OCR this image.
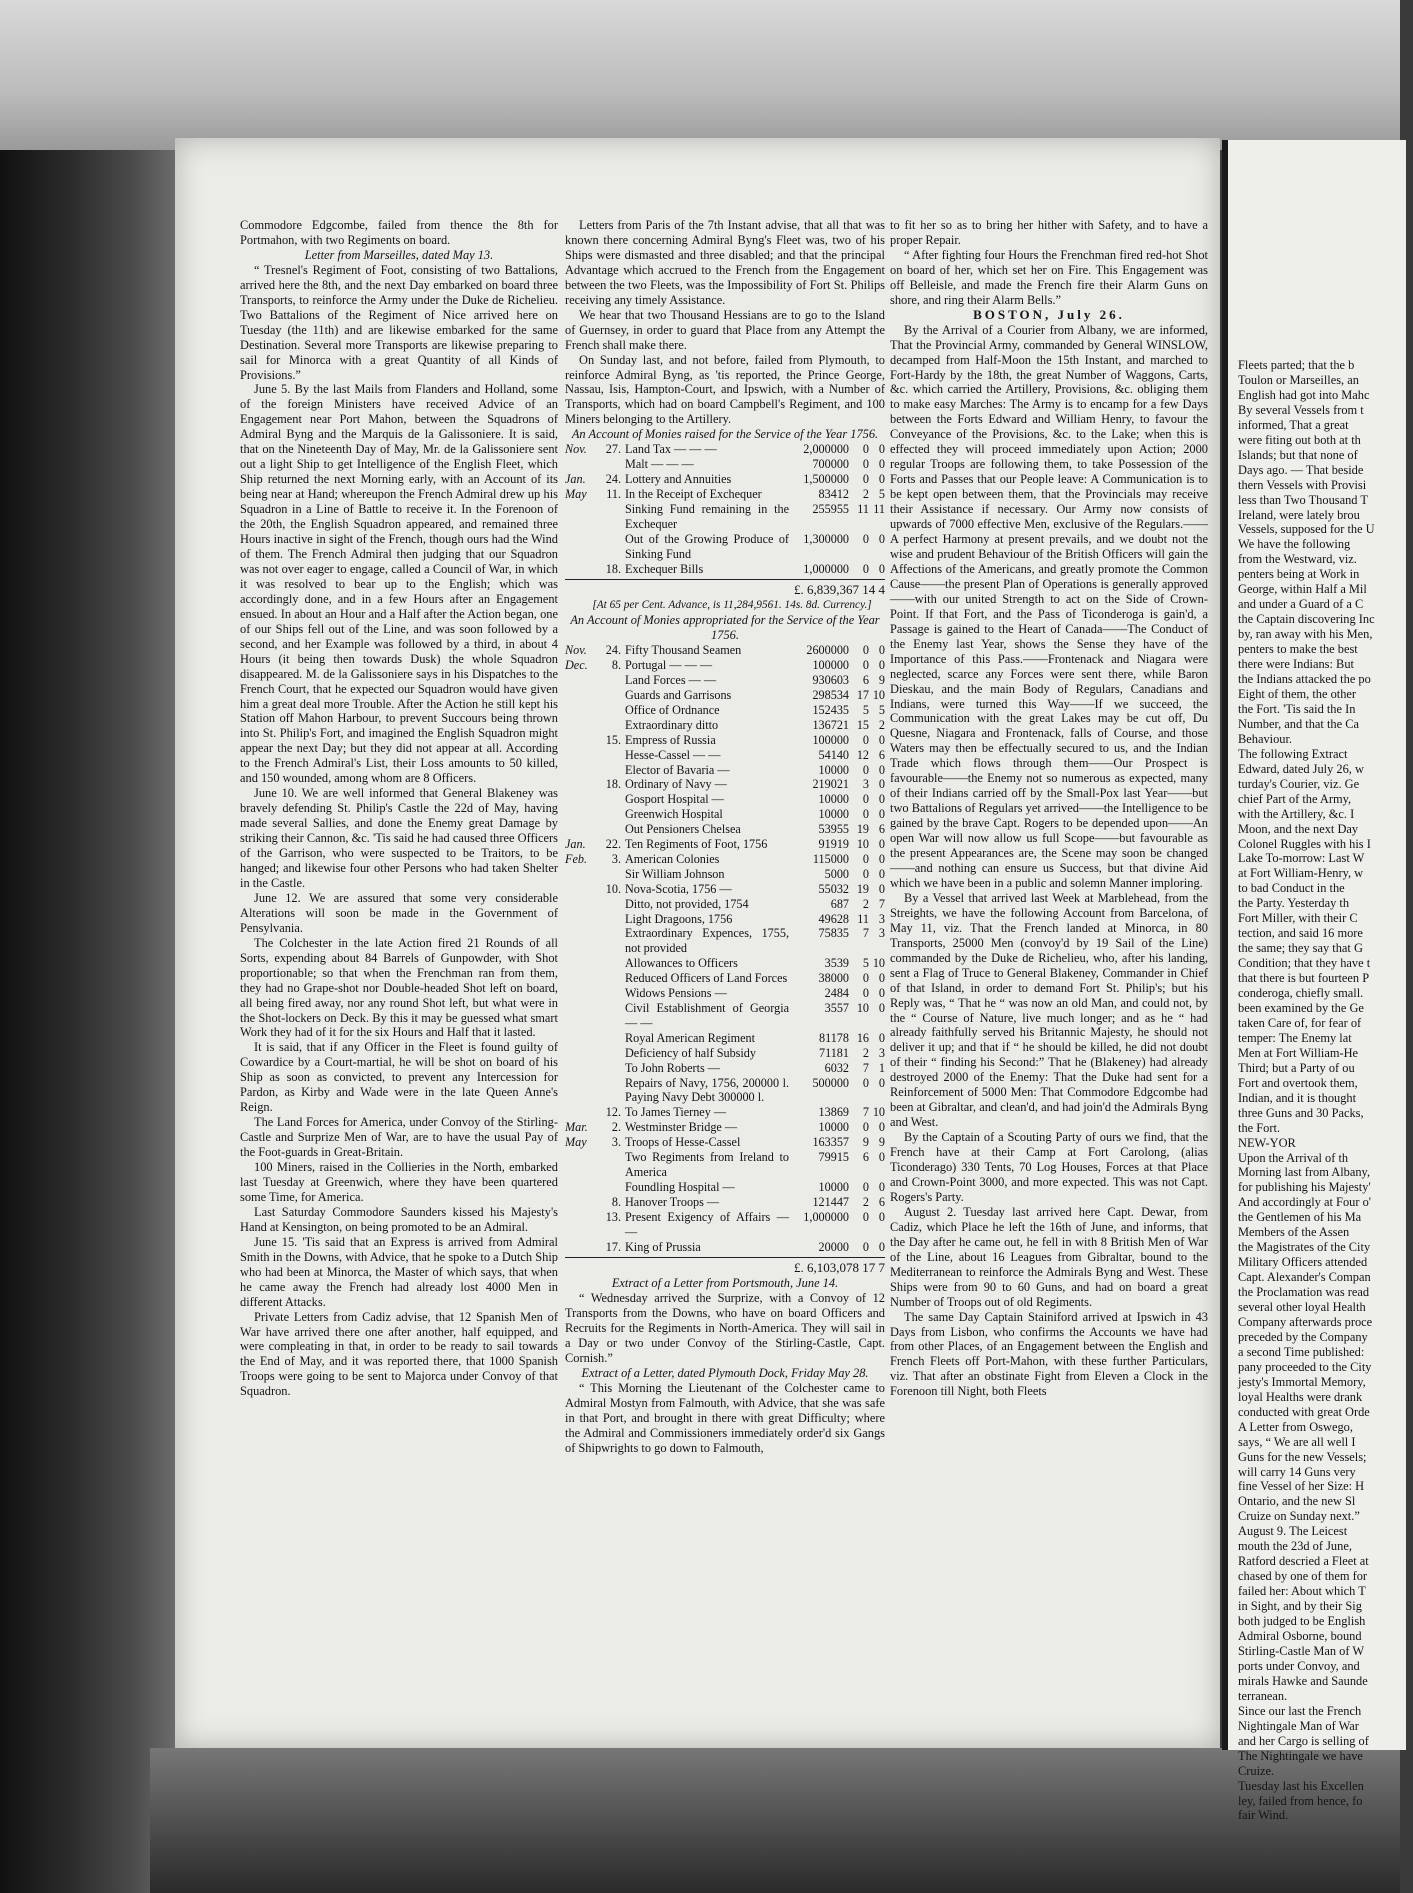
Commodore Edgcombe, failed from thence the 8th for Portmahon, with two Regiments on board.

Letter from Marseilles, dated May 13.

“ Tresnel's Regiment of Foot, consisting of two Battalions, arrived here the 8th, and the next Day embarked on board three Transports, to reinforce the Army under the Duke de Richelieu. Two Battalions of the Regiment of Nice arrived here on Tuesday (the 11th) and are likewise embarked for the same Destination. Several more Transports are likewise preparing to sail for Minorca with a great Quantity of all Kinds of Provisions.”

June 5. By the last Mails from Flanders and Holland, some of the foreign Ministers have received Advice of an Engagement near Port Mahon, between the Squadrons of Admiral Byng and the Marquis de la Galissoniere. It is said, that on the Nineteenth Day of May, Mr. de la Galissoniere sent out a light Ship to get Intelligence of the English Fleet, which Ship returned the next Morning early, with an Account of its being near at Hand; whereupon the French Admiral drew up his Squadron in a Line of Battle to receive it. In the Forenoon of the 20th, the English Squadron appeared, and remained three Hours inactive in sight of the French, though ours had the Wind of them. The French Admiral then judging that our Squadron was not over eager to engage, called a Council of War, in which it was resolved to bear up to the English; which was accordingly done, and in a few Hours after an Engagement ensued. In about an Hour and a Half after the Action began, one of our Ships fell out of the Line, and was soon followed by a second, and her Example was followed by a third, in about 4 Hours (it being then towards Dusk) the whole Squadron disappeared. M. de la Galissoniere says in his Dispatches to the French Court, that he expected our Squadron would have given him a great deal more Trouble. After the Action he still kept his Station off Mahon Harbour, to prevent Succours being thrown into St. Philip's Fort, and imagined the English Squadron might appear the next Day; but they did not appear at all. According to the French Admiral's List, their Loss amounts to 50 killed, and 150 wounded, among whom are 8 Officers.

June 10. We are well informed that General Blakeney was bravely defending St. Philip's Castle the 22d of May, having made several Sallies, and done the Enemy great Damage by striking their Cannon, &c. 'Tis said he had caused three Officers of the Garrison, who were suspected to be Traitors, to be hanged; and likewise four other Persons who had taken Shelter in the Castle.

June 12. We are assured that some very considerable Alterations will soon be made in the Government of Pensylvania.

The Colchester in the late Action fired 21 Rounds of all Sorts, expending about 84 Barrels of Gunpowder, with Shot proportionable; so that when the Frenchman ran from them, they had no Grape-shot nor Double-headed Shot left on board, all being fired away, nor any round Shot left, but what were in the Shot-lockers on Deck. By this it may be guessed what smart Work they had of it for the six Hours and Half that it lasted.

It is said, that if any Officer in the Fleet is found guilty of Cowardice by a Court-martial, he will be shot on board of his Ship as soon as convicted, to prevent any Intercession for Pardon, as Kirby and Wade were in the late Queen Anne's Reign.

The Land Forces for America, under Convoy of the Stirling-Castle and Surprize Men of War, are to have the usual Pay of the Foot-guards in Great-Britain.

100 Miners, raised in the Collieries in the North, embarked last Tuesday at Greenwich, where they have been quartered some Time, for America.

Last Saturday Commodore Saunders kissed his Majesty's Hand at Kensington, on being promoted to be an Admiral.

June 15. 'Tis said that an Express is arrived from Admiral Smith in the Downs, with Advice, that he spoke to a Dutch Ship who had been at Minorca, the Master of which says, that when he came away the French had already lost 4000 Men in different Attacks.

Private Letters from Cadiz advise, that 12 Spanish Men of War have arrived there one after another, half equipped, and were compleating in that, in order to be ready to sail towards the End of May, and it was reported there, that 1000 Spanish Troops were going to be sent to Majorca under Convoy of that Squadron.

Letters from Paris of the 7th Instant advise, that all that was known there concerning Admiral Byng's Fleet was, two of his Ships were dismasted and three disabled; and that the principal Advantage which accrued to the French from the Engagement between the two Fleets, was the Impossibility of Fort St. Philips receiving any timely Assistance.

We hear that two Thousand Hessians are to go to the Island of Guernsey, in order to guard that Place from any Attempt the French shall make there.

On Sunday last, and not before, failed from Plymouth, to reinforce Admiral Byng, as 'tis reported, the Prince George, Nassau, Isis, Hampton-Court, and Ipswich, with a Number of Transports, which had on board Campbell's Regiment, and 100 Miners belonging to the Artillery.

An Account of Monies raised for the Service of the Year 1756.

Nov.	27.	Land Tax — — —	2,000000	0	0
		Malt — — —	700000	0	0
Jan.	24.	Lottery and Annuities	1,500000	0	0
May	11.	In the Receipt of Exchequer	83412	2	5
		Sinking Fund remaining in the Exchequer	255955	11	11
		Out of the Growing Produce of Sinking Fund	1,300000	0	0
	18.	Exchequer Bills	1,000000	0	0

£. 6,839,367 14 4

[At 65 per Cent. Advance, is 11,284,9561. 14s. 8d. Currency.]

An Account of Monies appropriated for the Service of the Year 1756.

Nov.	24.	Fifty Thousand Seamen	2600000	0	0
Dec.	8.	Portugal — — —	100000	0	0
		Land Forces — —	930603	6	9
		Guards and Garrisons	298534	17	10
		Office of Ordnance	152435	5	5
		Extraordinary ditto	136721	15	2
	15.	Empress of Russia	100000	0	0
		Hesse-Cassel — —	54140	12	6
		Elector of Bavaria —	10000	0	0
	18.	Ordinary of Navy —	219021	3	0
		Gosport Hospital —	10000	0	0
		Greenwich Hospital	10000	0	0
		Out Pensioners Chelsea	53955	19	6
Jan.	22.	Ten Regiments of Foot, 1756	91919	10	0
Feb.	3.	American Colonies	115000	0	0
		Sir William Johnson	5000	0	0
	10.	Nova-Scotia, 1756 —	55032	19	0
		Ditto, not provided, 1754	687	2	7
		Light Dragoons, 1756	49628	11	3
		Extraordinary Expences, 1755, not provided	75835	7	3
		Allowances to Officers	3539	5	10
		Reduced Officers of Land Forces	38000	0	0
		Widows Pensions —	2484	0	0
		Civil Establishment of Georgia — —	3557	10	0
		Royal American Regiment	81178	16	0
		Deficiency of half Subsidy	71181	2	3
		To John Roberts —	6032	7	1
		Repairs of Navy, 1756, 200000 l. Paying Navy Debt 300000 l.	500000	0	0
	12.	To James Tierney —	13869	7	10
Mar.	2.	Westminster Bridge —	10000	0	0
May	3.	Troops of Hesse-Cassel	163357	9	9
		Two Regiments from Ireland to America	79915	6	0
		Foundling Hospital —	10000	0	0
	8.	Hanover Troops —	121447	2	6
	13.	Present Exigency of Affairs — —	1,000000	0	0
	17.	King of Prussia	20000	0	0

£. 6,103,078 17 7

Extract of a Letter from Portsmouth, June 14.

“ Wednesday arrived the Surprize, with a Convoy of 12 Transports from the Downs, who have on board Officers and Recruits for the Regiments in North-America. They will sail in a Day or two under Convoy of the Stirling-Castle, Capt. Cornish.”

Extract of a Letter, dated Plymouth Dock, Friday May 28.

“ This Morning the Lieutenant of the Colchester came to Admiral Mostyn from Falmouth, with Advice, that she was safe in that Port, and brought in there with great Difficulty; where the Admiral and Commissioners immediately order'd six Gangs of Shipwrights to go down to Falmouth,

to fit her so as to bring her hither with Safety, and to have a proper Repair.

“ After fighting four Hours the Frenchman fired red-hot Shot on board of her, which set her on Fire. This Engagement was off Belleisle, and made the French fire their Alarm Guns on shore, and ring their Alarm Bells.”

BOSTON, July 26.

By the Arrival of a Courier from Albany, we are informed, That the Provincial Army, commanded by General WINSLOW, decamped from Half-Moon the 15th Instant, and marched to Fort-Hardy by the 18th, the great Number of Waggons, Carts, &c. which carried the Artillery, Provisions, &c. obliging them to make easy Marches: The Army is to encamp for a few Days between the Forts Edward and William Henry, to favour the Conveyance of the Provisions, &c. to the Lake; when this is effected they will proceed immediately upon Action; 2000 regular Troops are following them, to take Possession of the Forts and Passes that our People leave: A Communication is to be kept open between them, that the Provincials may receive their Assistance if necessary. Our Army now consists of upwards of 7000 effective Men, exclusive of the Regulars.——A perfect Harmony at present prevails, and we doubt not the wise and prudent Behaviour of the British Officers will gain the Affections of the Americans, and greatly promote the Common Cause——the present Plan of Operations is generally approved——with our united Strength to act on the Side of Crown-Point. If that Fort, and the Pass of Ticonderoga is gain'd, a Passage is gained to the Heart of Canada——The Conduct of the Enemy last Year, shows the Sense they have of the Importance of this Pass.——Frontenack and Niagara were neglected, scarce any Forces were sent there, while Baron Dieskau, and the main Body of Regulars, Canadians and Indians, were turned this Way——If we succeed, the Communication with the great Lakes may be cut off, Du Quesne, Niagara and Frontenack, falls of Course, and those Waters may then be effectually secured to us, and the Indian Trade which flows through them——Our Prospect is favourable——the Enemy not so numerous as expected, many of their Indians carried off by the Small-Pox last Year——but two Battalions of Regulars yet arrived——the Intelligence to be gained by the brave Capt. Rogers to be depended upon——An open War will now allow us full Scope——but favourable as the present Appearances are, the Scene may soon be changed——and nothing can ensure us Success, but that divine Aid which we have been in a public and solemn Manner imploring.

By a Vessel that arrived last Week at Marblehead, from the Streights, we have the following Account from Barcelona, of May 11, viz. That the French landed at Minorca, in 80 Transports, 25000 Men (convoy'd by 19 Sail of the Line) commanded by the Duke de Richelieu, who, after his landing, sent a Flag of Truce to General Blakeney, Commander in Chief of that Island, in order to demand Fort St. Philip's; but his Reply was, “ That he “ was now an old Man, and could not, by the “ Course of Nature, live much longer; and as he “ had already faithfully served his Britannic Majesty, he should not deliver it up; and that if “ he should be killed, he did not doubt of their “ finding his Second:” That he (Blakeney) had already destroyed 2000 of the Enemy: That the Duke had sent for a Reinforcement of 5000 Men: That Commodore Edgcombe had been at Gibraltar, and clean'd, and had join'd the Admirals Byng and West.

By the Captain of a Scouting Party of ours we find, that the French have at their Camp at Fort Carolong, (alias Ticonderago) 330 Tents, 70 Log Houses, Forces at that Place and Crown-Point 3000, and more expected. This was not Capt. Rogers's Party.

August 2. Tuesday last arrived here Capt. Dewar, from Cadiz, which Place he left the 16th of June, and informs, that the Day after he came out, he fell in with 8 British Men of War of the Line, about 16 Leagues from Gibraltar, bound to the Mediterranean to reinforce the Admirals Byng and West. These Ships were from 90 to 60 Guns, and had on board a great Number of Troops out of old Regiments.

The same Day Captain Stainiford arrived at Ipswich in 43 Days from Lisbon, who confirms the Accounts we have had from other Places, of an Engagement between the English and French Fleets off Port-Mahon, with these further Particulars, viz. That after an obstinate Fight from Eleven a Clock in the Forenoon till Night, both Fleets

Fleets parted; that the b

Toulon or Marseilles, an

English had got into Mahc

By several Vessels from t

informed, That a great

were fiting out both at th

Islands; but that none of

Days ago. — That beside

thern Vessels with Provisi

less than Two Thousand T

Ireland, were lately brou

Vessels, supposed for the U

We have the following

from the Westward, viz.

penters being at Work in

George, within Half a Mil

and under a Guard of a C

the Captain discovering Inc

by, ran away with his Men,

penters to make the best

there were Indians: But

the Indians attacked the po

Eight of them, the other

the Fort. 'Tis said the In

Number, and that the Ca

Behaviour.

The following Extract

Edward, dated July 26, w

turday's Courier, viz. Ge

chief Part of the Army,

with the Artillery, &c. I

Moon, and the next Day

Colonel Ruggles with his I

Lake To-morrow: Last W

at Fort William-Henry, w

to bad Conduct in the

the Party. Yesterday th

Fort Miller, with their C

tection, and said 16 more

the same; they say that G

Condition; that they have t

that there is but fourteen P

conderoga, chiefly small.

been examined by the Ge

taken Care of, for fear of

temper: The Enemy lat

Men at Fort William-He

Third; but a Party of ou

Fort and overtook them,

Indian, and it is thought

three Guns and 30 Packs,

the Fort.

NEW-YOR

Upon the Arrival of th

Morning last from Albany,

for publishing his Majesty'

And accordingly at Four o'

the Gentlemen of his Ma

Members of the Assen

the Magistrates of the City

Military Officers attended

Capt. Alexander's Compan

the Proclamation was read

several other loyal Health

Company afterwards proce

preceded by the Company

a second Time published:

pany proceeded to the City

jesty's Immortal Memory,

loyal Healths were drank

conducted with great Orde

A Letter from Oswego,

says, “ We are all well I

Guns for the new Vessels;

will carry 14 Guns very

fine Vessel of her Size: H

Ontario, and the new Sl

Cruize on Sunday next.”

August 9. The Leicest

mouth the 23d of June,

Ratford descried a Fleet at

chased by one of them for

failed her: About which T

in Sight, and by their Sig

both judged to be English

Admiral Osborne, bound

Stirling-Castle Man of W

ports under Convoy, and

mirals Hawke and Saunde

terranean.

Since our last the French

Nightingale Man of War

and her Cargo is selling of

The Nightingale we have

Cruize.

Tuesday last his Excellen

ley, failed from hence, fo

fair Wind.
